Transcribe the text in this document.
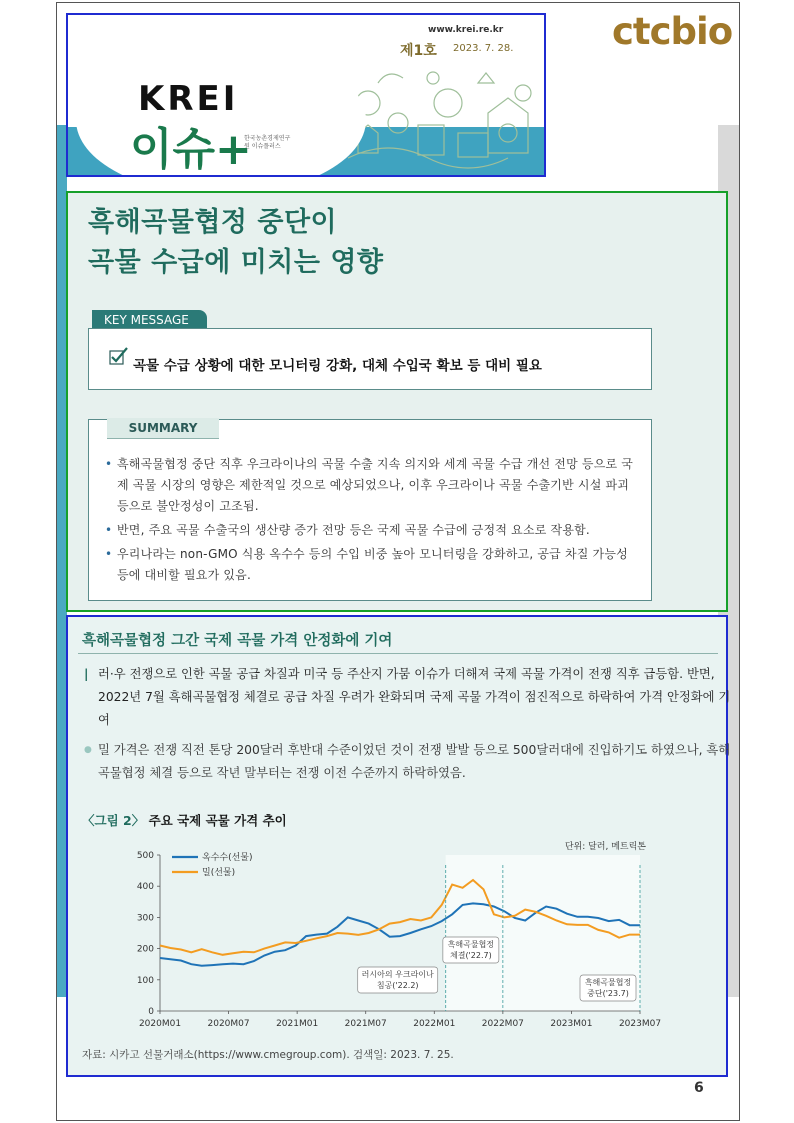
KREI
이슈+
한국농촌경제연구원 이슈플러스
www.krei.re.kr
제1호 2023. 7. 28.	ctcbio
흑해곡물협정 중단이
곡물 수급에 미치는 영향
KEY MESSAGE
곡물 수급 상황에 대한 모니터링 강화, 대체 수입국 확보 등 대비 필요
SUMMARY
• 흑해곡물협정 중단 직후 우크라이나의 곡물 수출 지속 의지와 세계 곡물 수급 개선 전망 등으로 국제 곡물 시장의 영향은 제한적일 것으로 예상되었으나, 이후 우크라이나 곡물 수출기반 시설 파괴 등으로 불안정성이 고조됨.
• 반면, 주요 곡물 수출국의 생산량 증가 전망 등은 국제 곡물 수급에 긍정적 요소로 작용함.
• 우리나라는 non-GMO 식용 옥수수 등의 수입 비중 높아 모니터링을 강화하고, 공급 차질 가능성 등에 대비할 필요가 있음.
흑해곡물협정 그간 국제 곡물 가격 안정화에 기여
| 러·우 전쟁으로 인한 곡물 공급 차질과 미국 등 주산지 가뭄 이슈가 더해져 국제 곡물 가격이 전쟁 직후 급등함. 반면, 2022년 7월 흑해곡물협정 체결로 공급 차질 우려가 완화되며 국제 곡물 가격이 점진적으로 하락하여 가격 안정화에 기여
● 밀 가격은 전쟁 직전 톤당 200달러 후반대 수준이었던 것이 전쟁 발발 등으로 500달러대에 진입하기도 하였으나, 흑해곡물협정 체결 등으로 작년 말부터는 전쟁 이전 수준까지 하락하였음.
〈그림 2〉 주요 국제 곡물 가격 추이
0
100
200
300
400
500
2020M01	2020M07	2021M01	2021M07	2022M01	2022M07	2023M01	2023M07
옥수수(선물)
밀(선물)
단위: 달러, 메트릭톤
러시아의 우크라이나
침공('22.2)
흑해곡물협정
체결('22.7)
흑해곡물협정
중단('23.7)
자료: 시카고 선물거래소(https://www.cmegroup.com). 검색일: 2023. 7. 25.
6
